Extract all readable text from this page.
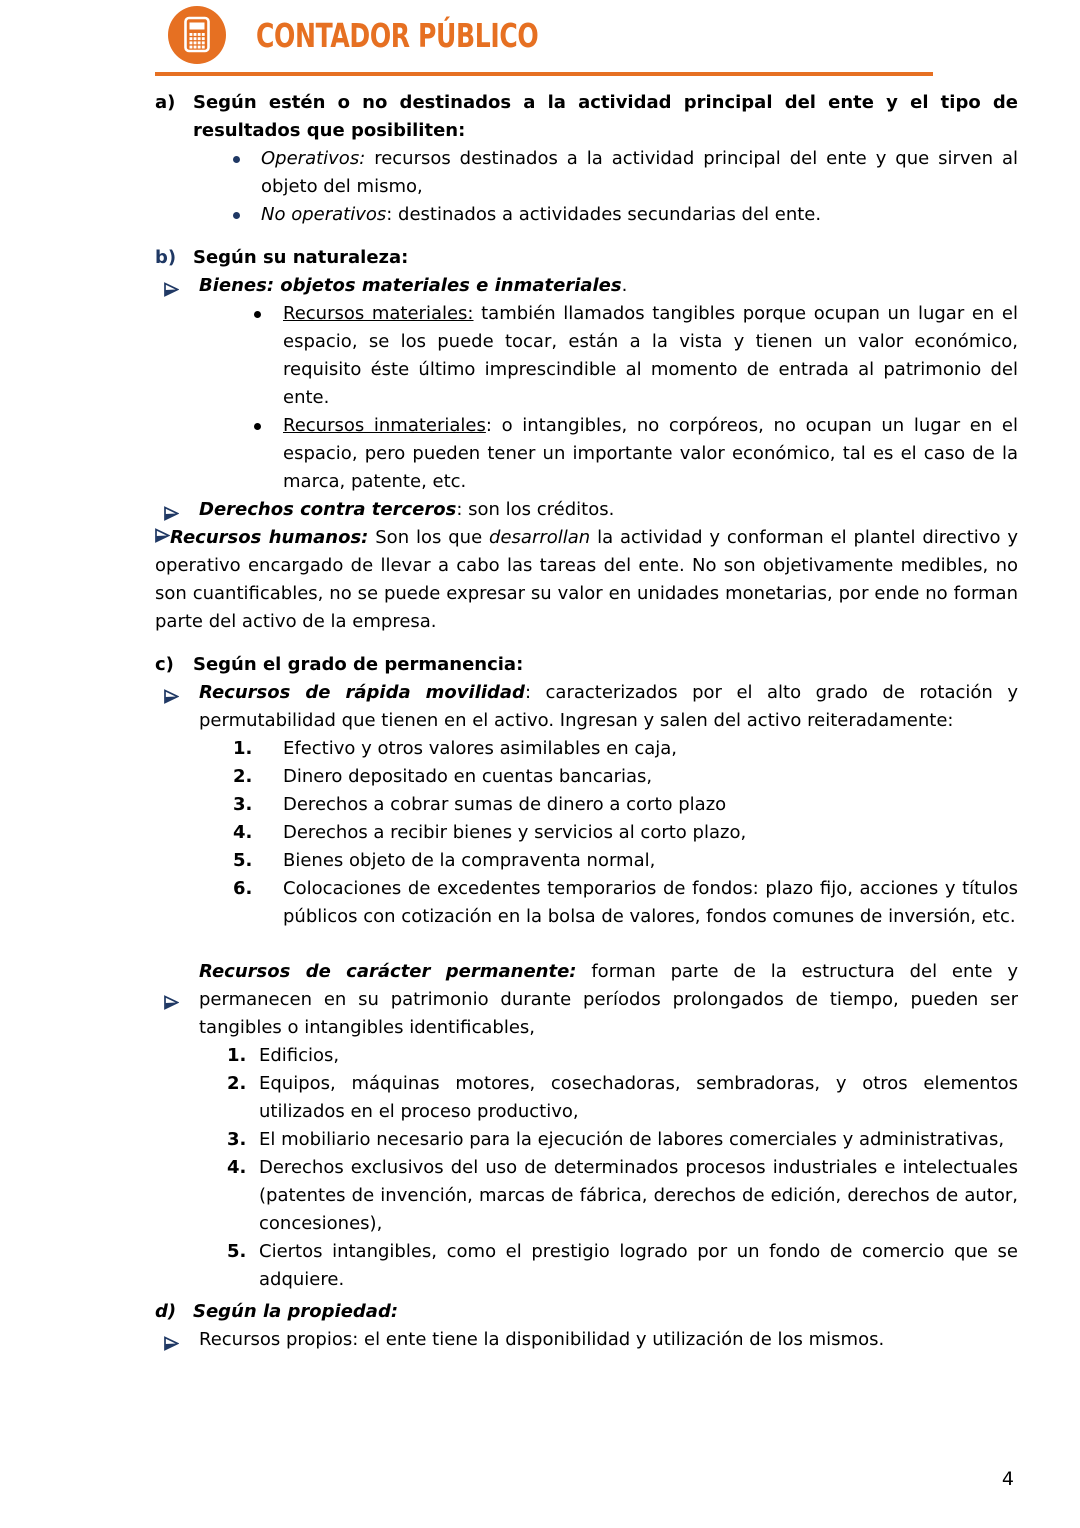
CONTADOR PÚBLICO

a) Según estén o no destinados a la actividad principal del ente y el tipo de resultados que posibiliten:

Operativos: recursos destinados a la actividad principal del ente y que sirven al objeto del mismo,

No operativos: destinados a actividades secundarias del ente.

b) Según su naturaleza:

Bienes: objetos materiales e inmateriales.

Recursos materiales: también llamados tangibles porque ocupan un lugar en el espacio, se los puede tocar, están a la vista y tienen un valor económico, requisito éste último imprescindible al momento de entrada al patrimonio del ente.

Recursos inmateriales: o intangibles, no corpóreos, no ocupan un lugar en el espacio, pero pueden tener un importante valor económico, tal es el caso de la marca, patente, etc.

Derechos contra terceros: son los créditos.

Recursos humanos: Son los que desarrollan la actividad y conforman el plantel directivo y operativo encargado de llevar a cabo las tareas del ente. No son objetivamente medibles, no son cuantificables, no se puede expresar su valor en unidades monetarias, por ende no forman parte del activo de la empresa.

c) Según el grado de permanencia:

Recursos de rápida movilidad: caracterizados por el alto grado de rotación y permutabilidad que tienen en el activo. Ingresan y salen del activo reiteradamente:

1. Efectivo y otros valores asimilables en caja,

2. Dinero depositado en cuentas bancarias,

3. Derechos a cobrar sumas de dinero a corto plazo

4. Derechos a recibir bienes y servicios al corto plazo,

5. Bienes objeto de la compraventa normal,

6. Colocaciones de excedentes temporarios de fondos: plazo fijo, acciones y títulos públicos con cotización en la bolsa de valores, fondos comunes de inversión, etc.

Recursos de carácter permanente: forman parte de la estructura del ente y permanecen en su patrimonio durante períodos prolongados de tiempo, pueden ser tangibles o intangibles identificables,

1. Edificios,

2. Equipos, máquinas motores, cosechadoras, sembradoras, y otros elementos utilizados en el proceso productivo,

3. El mobiliario necesario para la ejecución de labores comerciales y administrativas,

4. Derechos exclusivos del uso de determinados procesos industriales e intelectuales (patentes de invención, marcas de fábrica, derechos de edición, derechos de autor, concesiones),

5. Ciertos intangibles, como el prestigio logrado por un fondo de comercio que se adquiere.

d) Según la propiedad:

Recursos propios: el ente tiene la disponibilidad y utilización de los mismos.

4
